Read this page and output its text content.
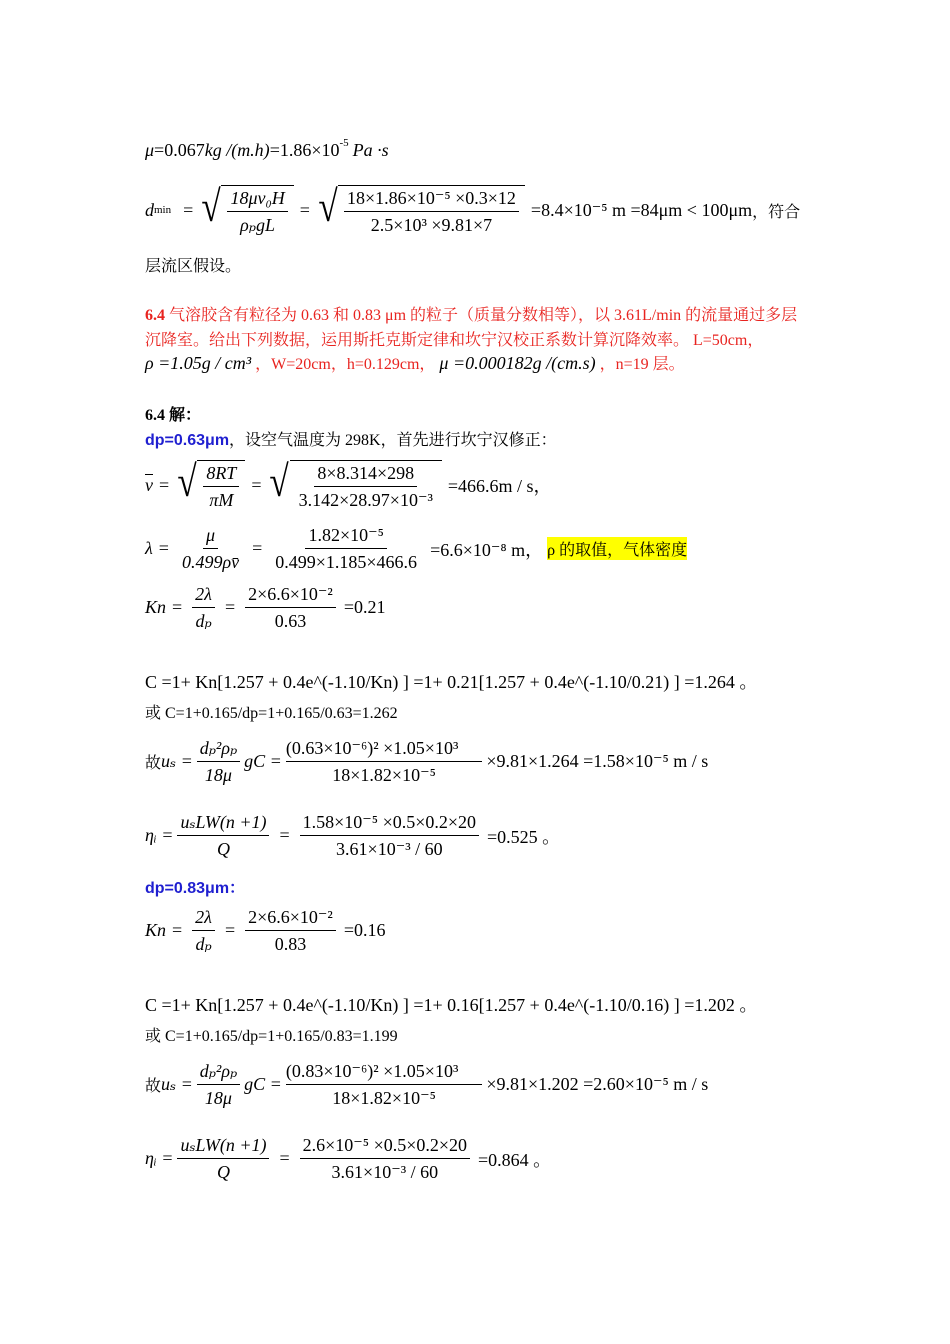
μ =0.067 kg $/(m.h) =1.86\times 10^{-5}$ Pa ·s
d min = √ $\frac{\text{18μv₀H}}{\text{ρₚgL}}$ = √ $\frac{\text{18×1.86×10⁻⁵ ×0.3×12}}{\text{2.5×10³ ×9.81×7}} =8.4\times 10^{-5}$ m =84μm < 100μm ，符合
层流区假设。
6.4 气溶胶含有粒径为 0.63 和 0.83 μm 的粒子（质量分数相等），以 3.61L/min 的流量通过多层
沉降室。给出下列数据，运用斯托克斯定律和坎宁汉校正系数计算沉降效率。 L=50cm，
ρ =1.05g / cm³ ，W=20cm，h=0.129cm， μ =0.000182g /(cm.s) ，n=19 层。
6.4 解：
dp=0.63μm，设空气温度为 298K，首先进行坎宁汉修正：
$\overline{v}$ = √ $\frac{8RT}{\pi M}$ = √ $\frac{8\times 8.314\times 298}{\text{3.142×28.97×10⁻³}} =466.6m / s$，
$\lambda = \frac{\mu}{0.499\rho v̄} = \frac{\text{1.82×10⁻⁵}}{0.499\times 1.185\times 466.6} =6.6\times 10^{-8}$ m， ρ 的取值，气体密度
$Kn = \frac{2\lambda}{\text{dₚ}} = \frac{\text{2×6.6×10⁻²}}{0.63} =0.21$
C =1+ Kn[1.257 + 0.4e^(-1.10/Kn) ] =1+ 0.21[1.257 + 0.4e^(-1.10/0.21) ] =1.264 。
或 C=1+0.165/dp=1+0.165/0.63=1.262
故 $u_s = \frac{\text{dₚ²ρₚ}}{18\mu}$ gC = $\frac{\text{(0.63×10⁻⁶)² ×1.05×10³}}{\text{18×1.82×10⁻⁵}} \times 9.81\times 1.264 =1.58\times 10^{-5}$ m / s
ηᵢ = $\frac{\text{uₛLW(n +1)}}{Q} = \frac{\text{1.58×10⁻⁵ ×0.5×0.2×20}}{\text{3.61×10⁻³ / 60}} =0.525$ 。
dp=0.83μm：
$Kn = \frac{2\lambda}{\text{dₚ}} = \frac{\text{2×6.6×10⁻²}}{0.83} =0.16$
C =1+ Kn[1.257 + 0.4e^(-1.10/Kn) ] =1+ 0.16[1.257 + 0.4e^(-1.10/0.16) ] =1.202 。
或 C=1+0.165/dp=1+0.165/0.83=1.199
故 $u_s = \frac{\text{dₚ²ρₚ}}{18\mu}$ gC = $\frac{\text{(0.83×10⁻⁶)² ×1.05×10³}}{\text{18×1.82×10⁻⁵}} \times 9.81\times 1.202 =2.60\times 10^{-5}$ m / s
ηᵢ = $\frac{\text{uₛLW(n +1)}}{Q} = \frac{\text{2.6×10⁻⁵ ×0.5×0.2×20}}{\text{3.61×10⁻³ / 60}} =0.864$ 。
